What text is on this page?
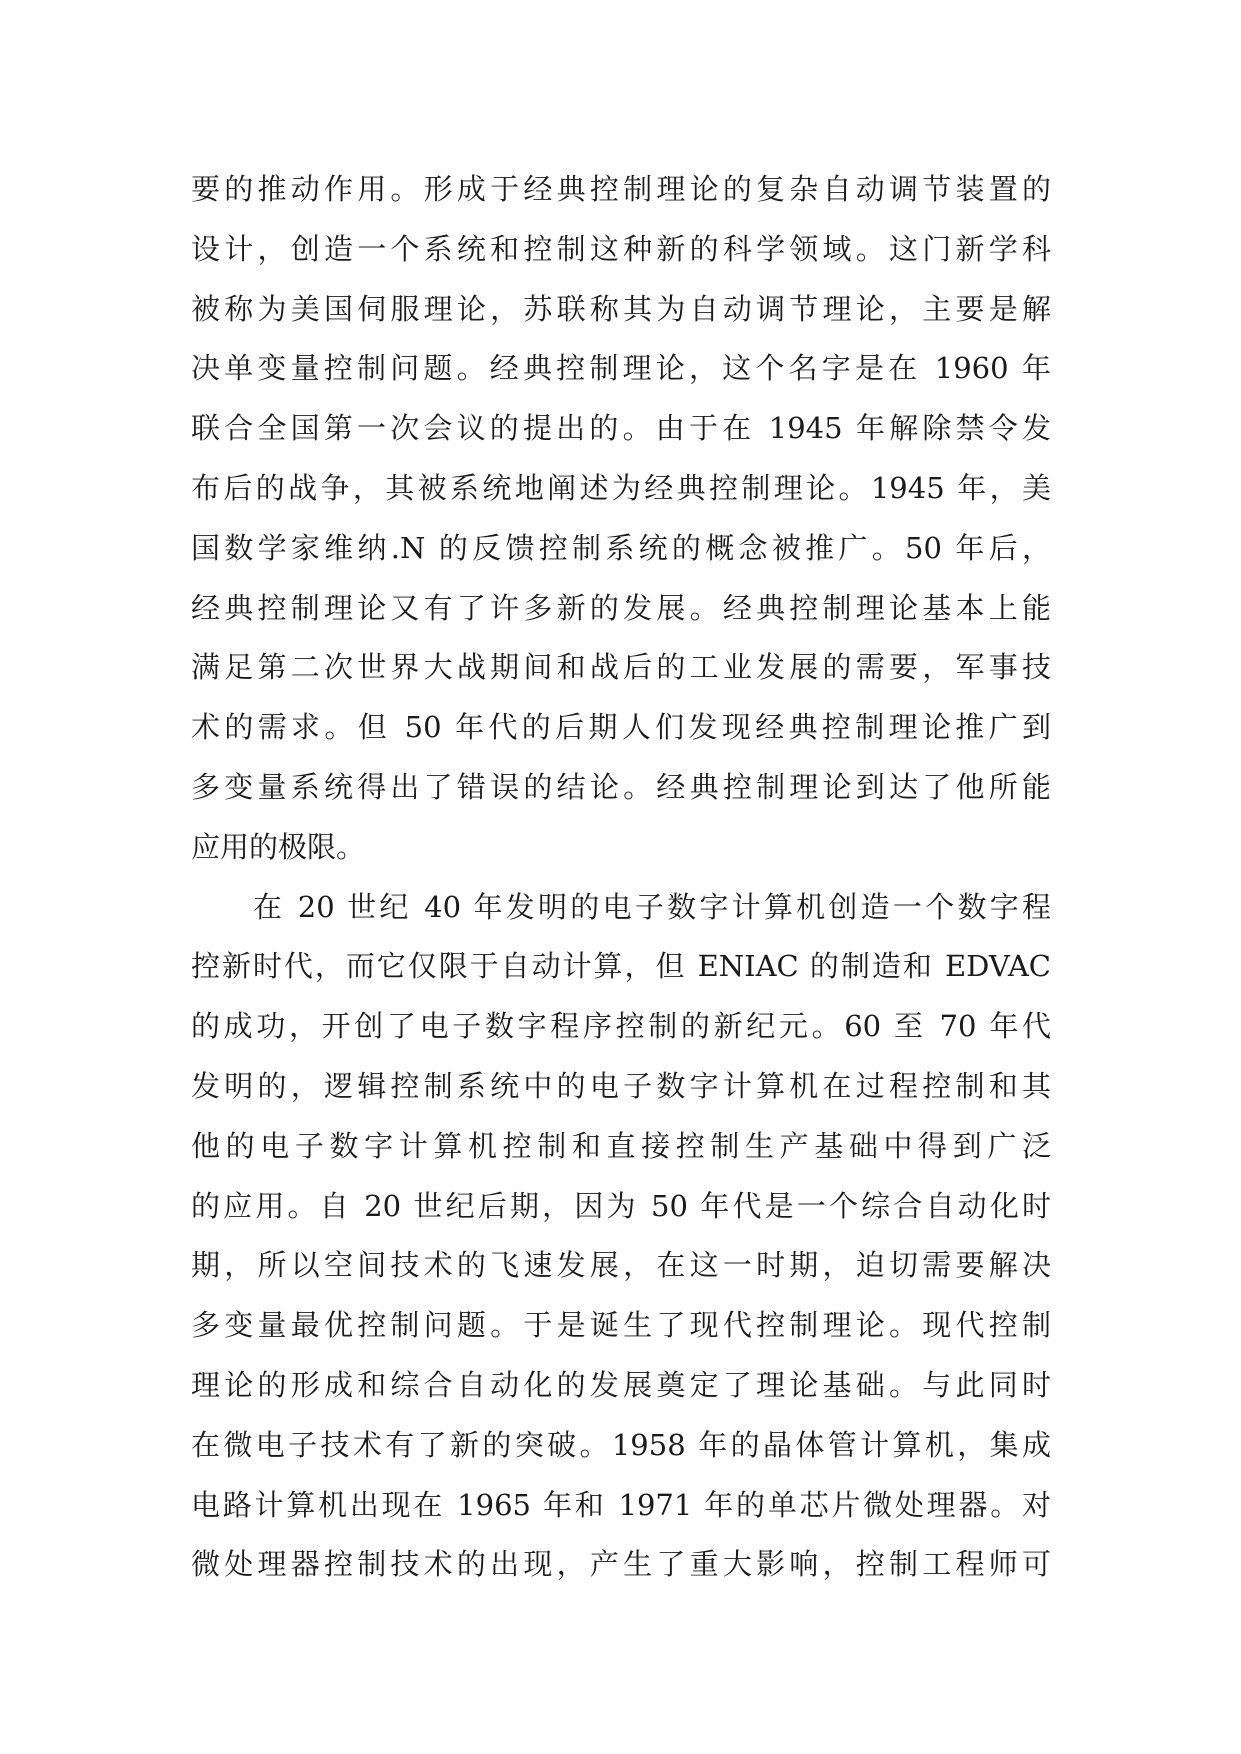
要的推动作用。形成于经典控制理论的复杂自动调节装置的
设计，创造一个系统和控制这种新的科学领域。这门新学科
被称为美国伺服理论，苏联称其为自动调节理论，主要是解
决单变量控制问题。经典控制理论，这个名字是在 1960 年
联合全国第一次会议的提出的。由于在 1945 年解除禁令发
布后的战争，其被系统地阐述为经典控制理论。1945 年，美
国数学家维纳.N 的反馈控制系统的概念被推广。50 年后，
经典控制理论又有了许多新的发展。经典控制理论基本上能
满足第二次世界大战期间和战后的工业发展的需要，军事技
术的需求。但 50 年代的后期人们发现经典控制理论推广到
多变量系统得出了错误的结论。经典控制理论到达了他所能
应用的极限。
在 20 世纪 40 年发明的电子数字计算机创造一个数字程
控新时代，而它仅限于自动计算，但 ENIAC 的制造和 EDVAC
的成功，开创了电子数字程序控制的新纪元。60 至 70 年代
发明的，逻辑控制系统中的电子数字计算机在过程控制和其
他的电子数字计算机控制和直接控制生产基础中得到广泛
的应用。自 20 世纪后期，因为 50 年代是一个综合自动化时
期，所以空间技术的飞速发展，在这一时期，迫切需要解决
多变量最优控制问题。于是诞生了现代控制理论。现代控制
理论的形成和综合自动化的发展奠定了理论基础。与此同时
在微电子技术有了新的突破。1958 年的晶体管计算机，集成
电路计算机出现在 1965 年和 1971 年的单芯片微处理器。对
微处理器控制技术的出现，产生了重大影响，控制工程师可
